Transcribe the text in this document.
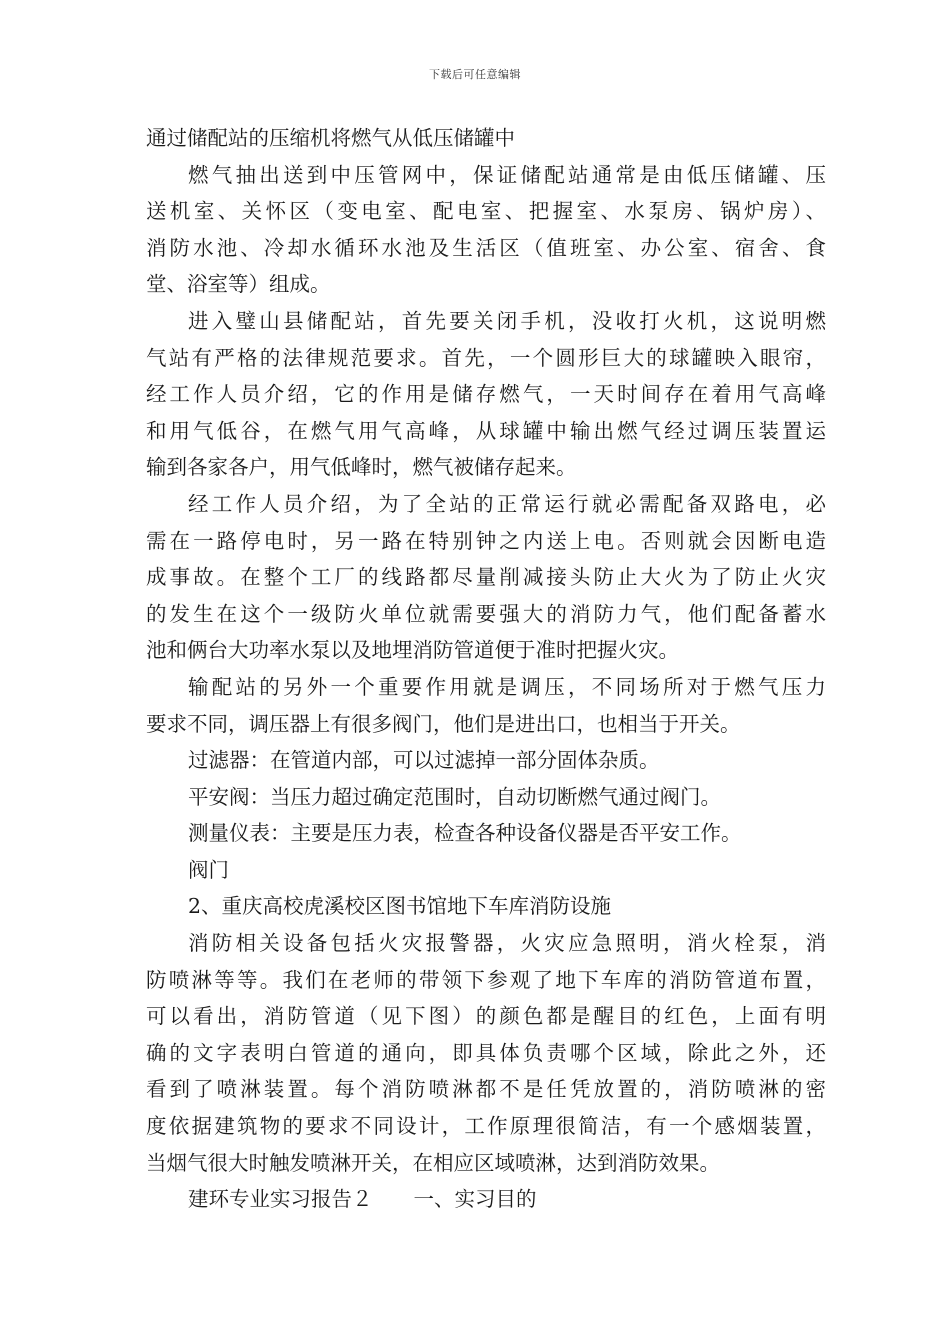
下载后可任意编辑
通过储配站的压缩机将燃气从低压储罐中
燃气抽出送到中压管网中，保证储配站通常是由低压储罐、压
送机室、关怀区（变电室、配电室、把握室、水泵房、锅炉房）、
消防水池、冷却水循环水池及生活区（值班室、办公室、宿舍、食
堂、浴室等）组成。
进入璧山县储配站，首先要关闭手机，没收打火机，这说明燃
气站有严格的法律规范要求。首先，一个圆形巨大的球罐映入眼帘，
经工作人员介绍，它的作用是储存燃气，一天时间存在着用气高峰
和用气低谷，在燃气用气高峰，从球罐中输出燃气经过调压装置运
输到各家各户，用气低峰时，燃气被储存起来。
经工作人员介绍，为了全站的正常运行就必需配备双路电，必
需在一路停电时，另一路在特别钟之内送上电。否则就会因断电造
成事故。在整个工厂的线路都尽量削减接头防止大火为了防止火灾
的发生在这个一级防火单位就需要强大的消防力气，他们配备蓄水
池和俩台大功率水泵以及地埋消防管道便于准时把握火灾。
输配站的另外一个重要作用就是调压，不同场所对于燃气压力
要求不同，调压器上有很多阀门，他们是进出口，也相当于开关。
过滤器：在管道内部，可以过滤掉一部分固体杂质。
平安阀：当压力超过确定范围时，自动切断燃气通过阀门。
测量仪表：主要是压力表，检查各种设备仪器是否平安工作。
阀门
2、重庆高校虎溪校区图书馆地下车库消防设施
消防相关设备包括火灾报警器，火灾应急照明，消火栓泵，消
防喷淋等等。我们在老师的带领下参观了地下车库的消防管道布置，
可以看出，消防管道（见下图）的颜色都是醒目的红色，上面有明
确的文字表明白管道的通向，即具体负责哪个区域，除此之外，还
看到了喷淋装置。每个消防喷淋都不是任凭放置的，消防喷淋的密
度依据建筑物的要求不同设计，工作原理很简洁，有一个感烟装置，
当烟气很大时触发喷淋开关，在相应区域喷淋，达到消防效果。
建环专业实习报告２　　一、实习目的
